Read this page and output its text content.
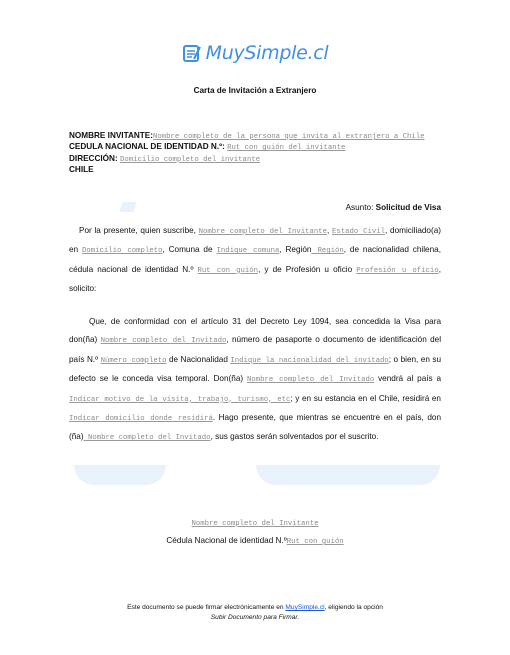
MuySimple.cl
Carta de Invitación a Extranjero
NOMBRE INVITANTE:Nombre completo de la persona que invita al extranjero a Chile
CEDULA NACIONAL DE IDENTIDAD N.º: Rut con guión del invitante
DIRECCIÓN: Domicilio completo del invitante
CHILE
Asunto: Solicitud de Visa
Por la presente, quien suscribe, Nombre completo del Invitante, Estado Civil, domiciliado(a) en Domicilio completo, Comuna de Indique comuna, Región Región, de nacionalidad chilena, cédula nacional de identidad N.º Rut con guión, y de Profesión u oficio Profesión u oficio, solicito:
Que, de conformidad con el artículo 31 del Decreto Ley 1094, sea concedida la Visa para don(ña) Nombre completo del Invitado, número de pasaporte o documento de identificación del país N.º Número completo de Nacionalidad Indique la nacionalidad del invitado; o bien, en su defecto se le conceda visa temporal. Don(ña) Nombre completo del Invitado vendrá al país a Indicar motivo de la visita, trabajo, turismo, etc; y en su estancia en el Chile, residirá en Indicar domicilio donde residirá. Hago presente, que mientras se encuentre en el país, don (ña) Nombre completo del Invitado, sus gastos serán solventados por el suscrito.
Nombre completo del Invitante
Cédula Nacional de identidad N.ºRut con guión
Este documento se puede firmar electrónicamente en MuySimple.cl, eligiendo la opción
Subir Documento para Firmar.
